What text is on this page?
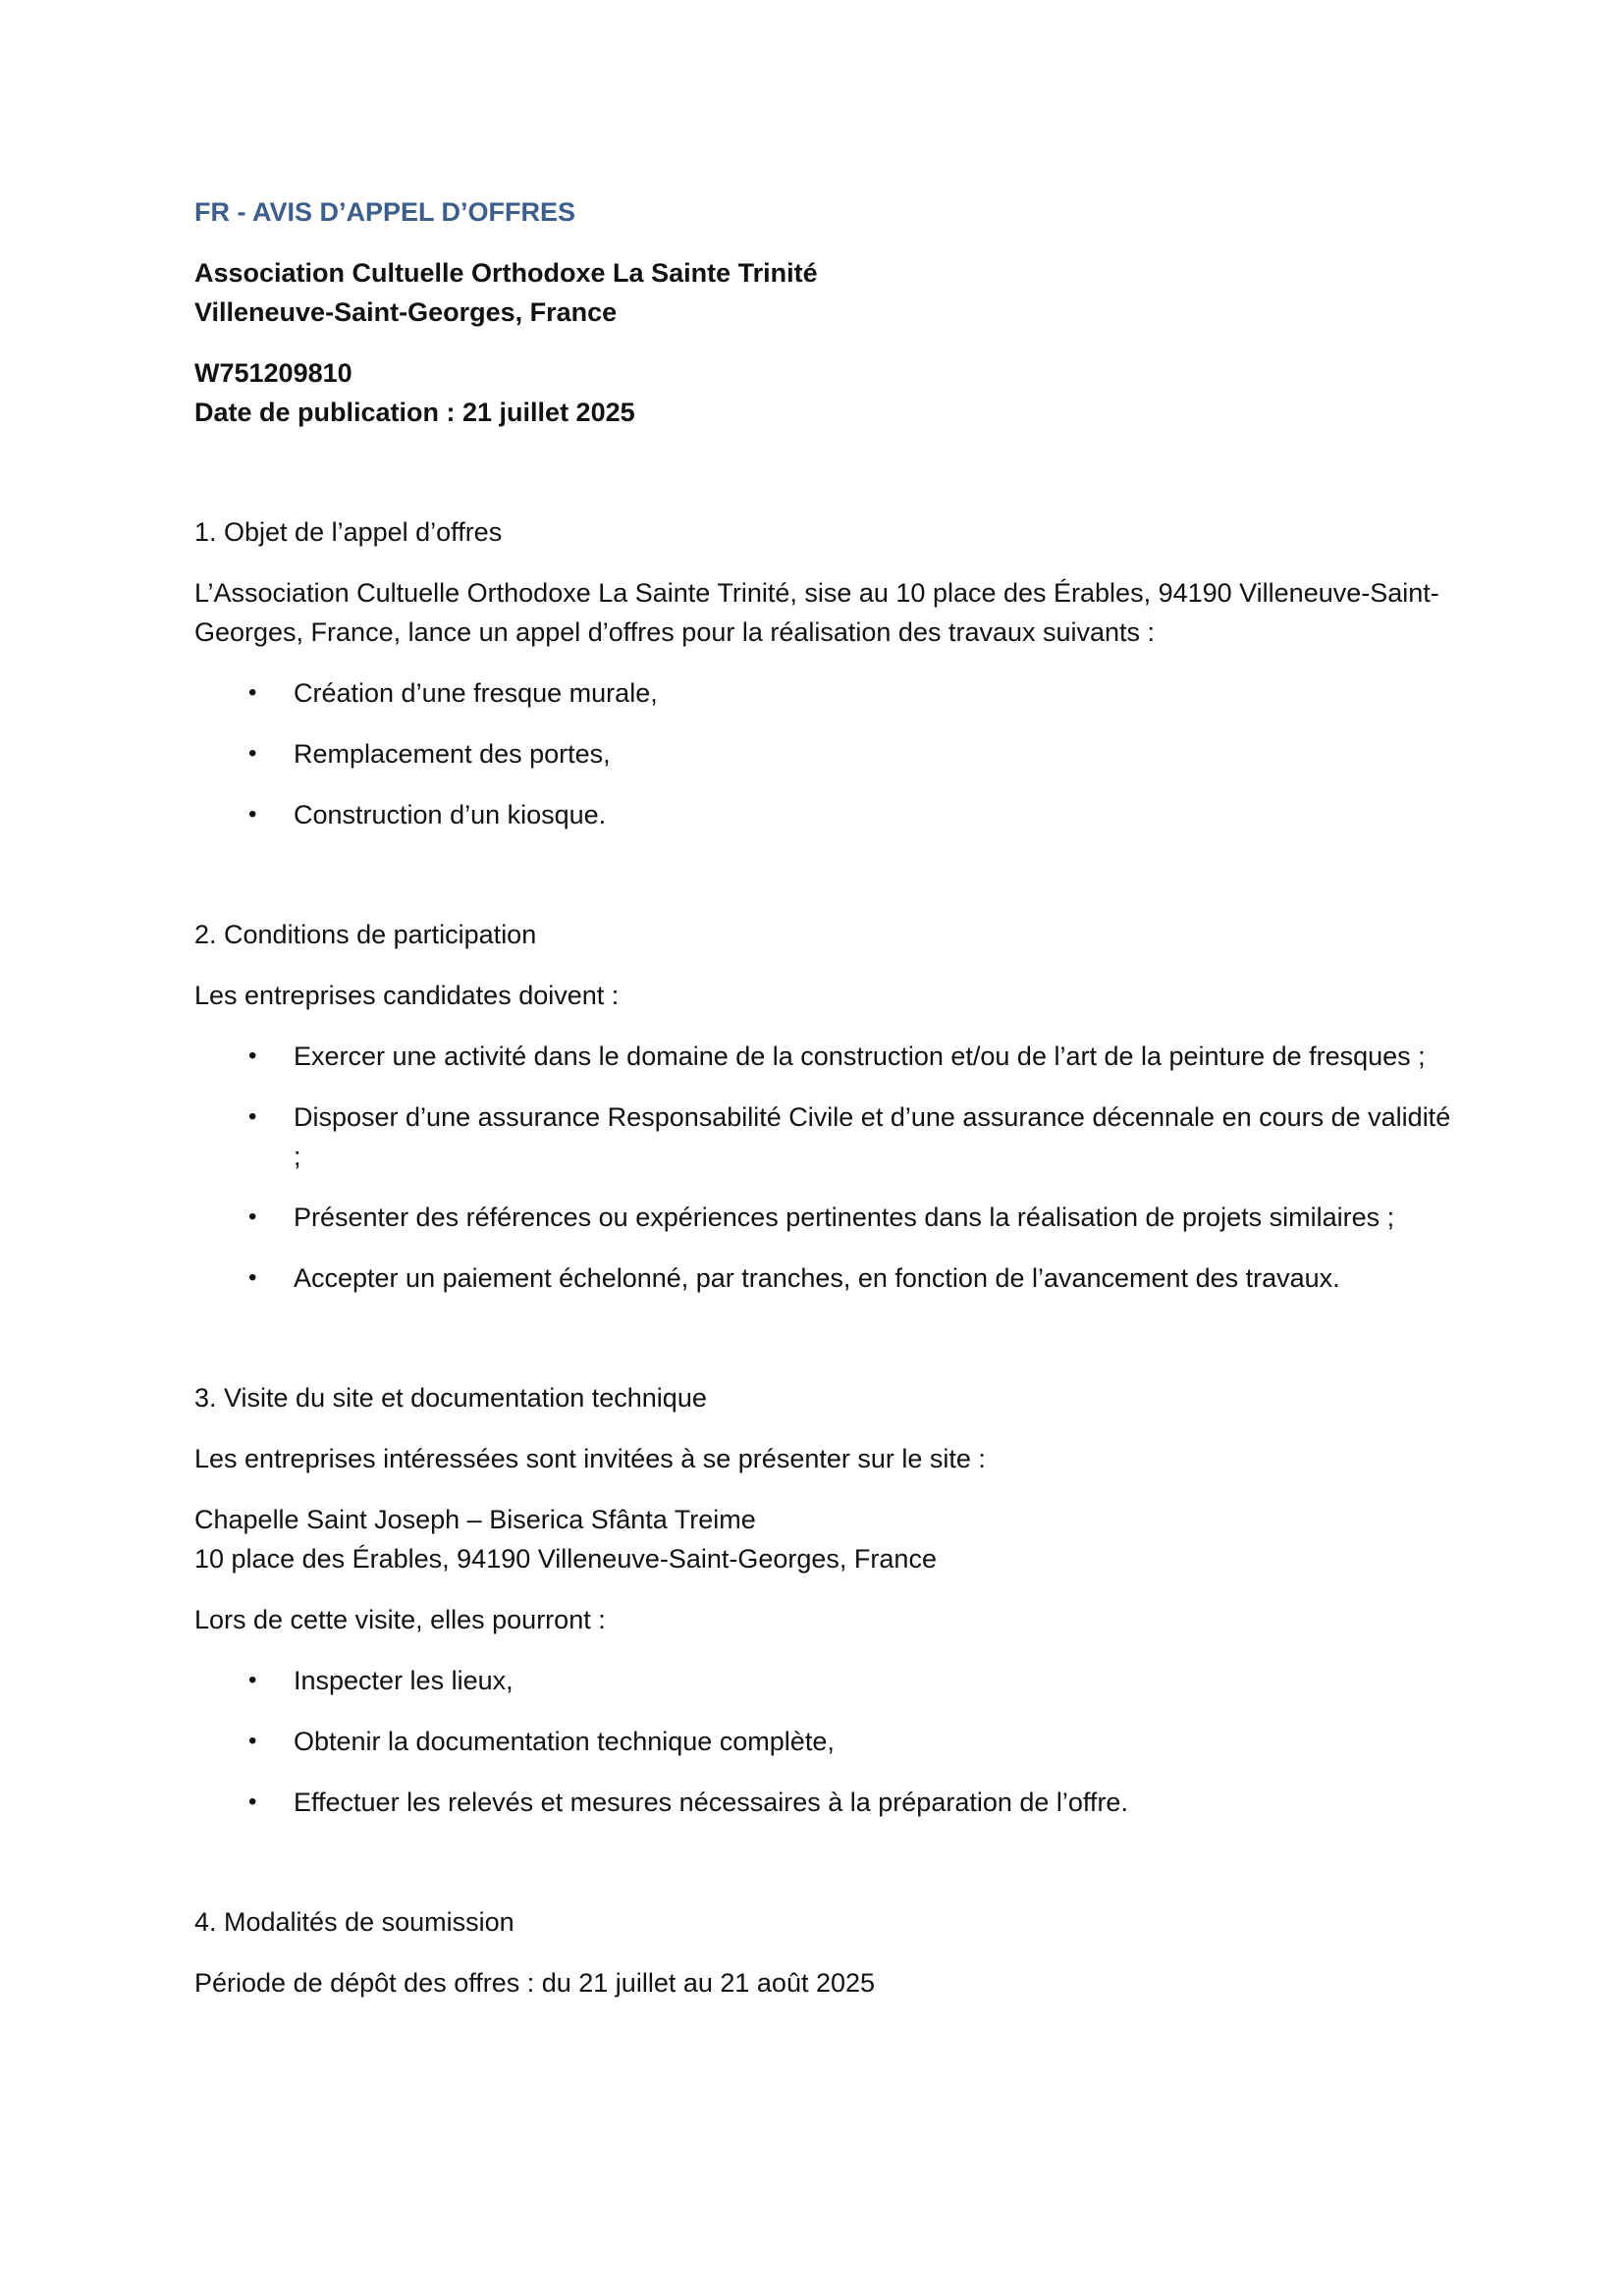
FR - AVIS D’APPEL D’OFFRES

Association Cultuelle Orthodoxe La Sainte Trinité

Villeneuve-Saint-Georges, France

W751209810

Date de publication : 21 juillet 2025

1. Objet de l’appel d’offres

L’Association Cultuelle Orthodoxe La Sainte Trinité, sise au 10 place des Érables, 94190 Villeneuve-Saint-Georges, France, lance un appel d’offres pour la réalisation des travaux suivants :

• Création d’une fresque murale,
• Remplacement des portes,
• Construction d’un kiosque.

2. Conditions de participation

Les entreprises candidates doivent :

• Exercer une activité dans le domaine de la construction et/ou de l’art de la peinture de fresques ;
• Disposer d’une assurance Responsabilité Civile et d’une assurance décennale en cours de validité ;
• Présenter des références ou expériences pertinentes dans la réalisation de projets similaires ;
• Accepter un paiement échelonné, par tranches, en fonction de l’avancement des travaux.

3. Visite du site et documentation technique

Les entreprises intéressées sont invitées à se présenter sur le site :

Chapelle Saint Joseph – Biserica Sfânta Treime

10 place des Érables, 94190 Villeneuve-Saint-Georges, France

Lors de cette visite, elles pourront :

• Inspecter les lieux,
• Obtenir la documentation technique complète,
• Effectuer les relevés et mesures nécessaires à la préparation de l’offre.

4. Modalités de soumission

Période de dépôt des offres : du 21 juillet au 21 août 2025
